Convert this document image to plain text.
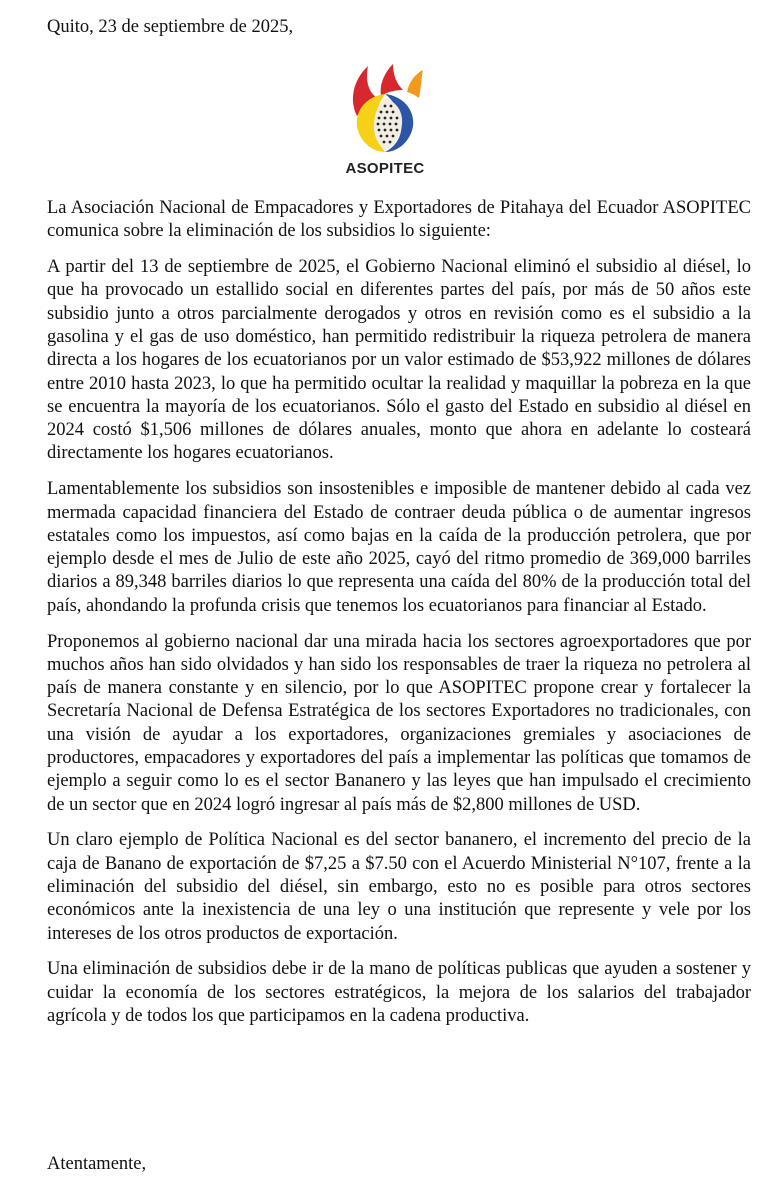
Quito, 23 de septiembre de 2025,

ASOPITEC

La Asociación Nacional de Empacadores y Exportadores de Pitahaya del Ecuador ASOPITEC comunica sobre la eliminación de los subsidios lo siguiente:

A partir del 13 de septiembre de 2025, el Gobierno Nacional eliminó el subsidio al diésel, lo que ha provocado un estallido social en diferentes partes del país, por más de 50 años este subsidio junto a otros parcialmente derogados y otros en revisión como es el subsidio a la gasolina y el gas de uso doméstico, han permitido redistribuir la riqueza petrolera de manera directa a los hogares de los ecuatorianos por un valor estimado de $53,922 millones de dólares entre 2010 hasta 2023, lo que ha permitido ocultar la realidad y maquillar la pobreza en la que se encuentra la mayoría de los ecuatorianos. Sólo el gasto del Estado en subsidio al diésel en 2024 costó $1,506 millones de dólares anuales, monto que ahora en adelante lo costeará directamente los hogares ecuatorianos.

Lamentablemente los subsidios son insostenibles e imposible de mantener debido al cada vez mermada capacidad financiera del Estado de contraer deuda pública o de aumentar ingresos estatales como los impuestos, así como bajas en la caída de la producción petrolera, que por ejemplo desde el mes de Julio de este año 2025, cayó del ritmo promedio de 369,000 barriles diarios a 89,348 barriles diarios lo que representa una caída del 80% de la producción total del país, ahondando la profunda crisis que tenemos los ecuatorianos para financiar al Estado.

Proponemos al gobierno nacional dar una mirada hacia los sectores agroexportadores que por muchos años han sido olvidados y han sido los responsables de traer la riqueza no petrolera al país de manera constante y en silencio, por lo que ASOPITEC propone crear y fortalecer la Secretaría Nacional de Defensa Estratégica de los sectores Exportadores no tradicionales, con una visión de ayudar a los exportadores, organizaciones gremiales y asociaciones de productores, empacadores y exportadores del país a implementar las políticas que tomamos de ejemplo a seguir como lo es el sector Bananero y las leyes que han impulsado el crecimiento de un sector que en 2024 logró ingresar al país más de $2,800 millones de USD.

Un claro ejemplo de Política Nacional es del sector bananero, el incremento del precio de la caja de Banano de exportación de $7,25 a $7.50 con el Acuerdo Ministerial N°107, frente a la eliminación del subsidio del diésel, sin embargo, esto no es posible para otros sectores económicos ante la inexistencia de una ley o una institución que represente y vele por los intereses de los otros productos de exportación.

Una eliminación de subsidios debe ir de la mano de políticas publicas que ayuden a sostener y cuidar la economía de los sectores estratégicos, la mejora de los salarios del trabajador agrícola y de todos los que participamos en la cadena productiva.

Atentamente,
